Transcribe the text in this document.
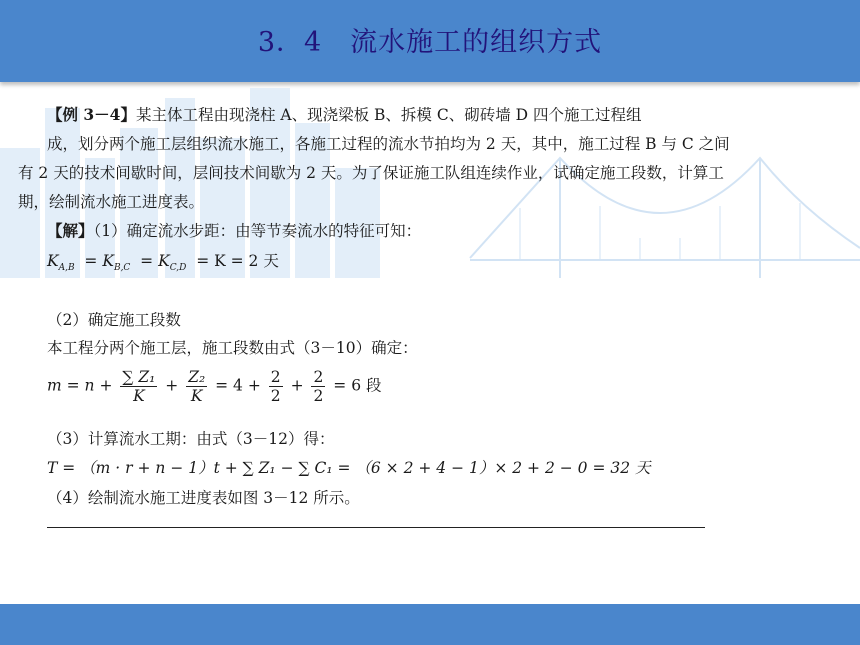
3．4　流水施工的组织方式
【例 3－4】某主体工程由现浇柱 A、现浇梁板 B、拆模 C、砌砖墙 D 四个施工过程组
成，划分两个施工层组织流水施工，各施工过程的流水节拍均为 2 天，其中，施工过程 B 与 C 之间
有 2 天的技术间歇时间，层间技术间歇为 2 天。为了保证施工队组连续作业，试确定施工段数，计算工
期，绘制流水施工进度表。
【解】（1）确定流水步距：由等节奏流水的特征可知：
$K_{A,B} = K_{B,C} = K_{C,D} = K = 2$ 天
（2）确定施工段数
本工程分两个施工层，施工段数由式（3－10）确定：
$m = n + \frac{\text{∑ Z₁}}{K} + \frac{\text{Z₂}}{K} = 4 + \frac{2}{2} + \frac{2}{2} = 6$ 段
（3）计算流水工期：由式（3－12）得：
T = （m · r + n − 1）t + ∑ Z₁ − ∑ C₁ = （6 × 2 + 4 − 1）× 2 + 2 − 0 = 32 天
（4）绘制流水施工进度表如图 3－12 所示。
